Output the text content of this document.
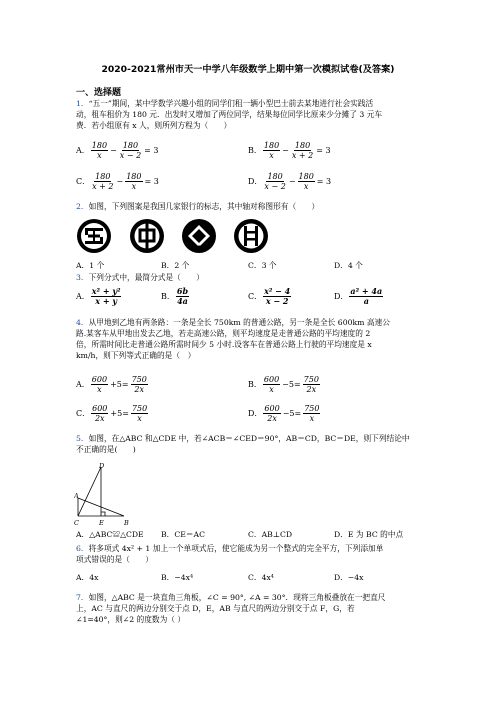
2020-2021常州市天一中学八年级数学上期中第一次模拟试卷(及答案)
一、选择题
1．“五一”期间，某中学数学兴趣小组的同学们租一辆小型巴士前去某地进行社会实践活
动，租车租价为 180 元．出发时又增加了两位同学，结果每位同学比原来少分摊了 3 元车
费．若小组原有 x 人，则所列方程为（　　）
A． $\frac{180}{x} - \frac{180}{x - 2} = 3$	B． $\frac{180}{x} - \frac{180}{x + 2} = 3$
C． $\frac{180}{x + 2} - \frac{180}{x} = 3$	D． $\frac{180}{x - 2} - \frac{180}{x} = 3$
2．如图，下列图案是我国几家银行的标志，其中轴对称图形有（　　）
A．1 个	B．2 个	C．3 个	D．4 个
3．下列分式中，最简分式是（　　）
A． $\frac{\text{x² + y²}}{x + y}$	B． $\frac{6b}{4a}$	C． $\frac{\text{x² − 4}}{x - 2}$	D． $\frac{\text{a² + 4a}}{a}$
4．从甲地到乙地有两条路：一条是全长 750km 的普通公路，另一条是全长 600km 高速公
路.某客车从甲地出发去乙地，若走高速公路，则平均速度是走普通公路的平均速度的 2
倍，所需时间比走普通公路所需时间少 5 小时.设客车在普通公路上行驶的平均速度是 x
km/h，则下列等式正确的是（　）
A． $\frac{600}{x} +5= \frac{750}{2x}$	B． $\frac{600}{x} -5= \frac{750}{2x}$
C． $\frac{600}{2x} +5= \frac{750}{x}$	D． $\frac{600}{2x} -5= \frac{750}{x}$
5．如图，在△ABC 和△CDE 中，若∠ACB＝∠CED＝90°，AB＝CD，BC＝DE，则下列结论中
不正确的是(　　)
D
A
C	E	B
A．△ABC≌△CDE B．CE＝AC	C．AB⊥CD	D．E 为 BC 的中点
6．将多项式 4x² + 1 加上一个单项式后，使它能成为另一个整式的完全平方，下列添加单
项式错误的是（　　）
A．4x	B．−4x⁴	C．4x⁴	D．−4x
7．如图，△ABC 是一块直角三角板，∠C = 90°, ∠A = 30°．现将三角板叠放在一把直尺
上，AC 与直尺的两边分别交于点 D，E，AB 与直尺的两边分别交于点 F，G，若
∠1=40°，则∠2 的度数为（ ）
